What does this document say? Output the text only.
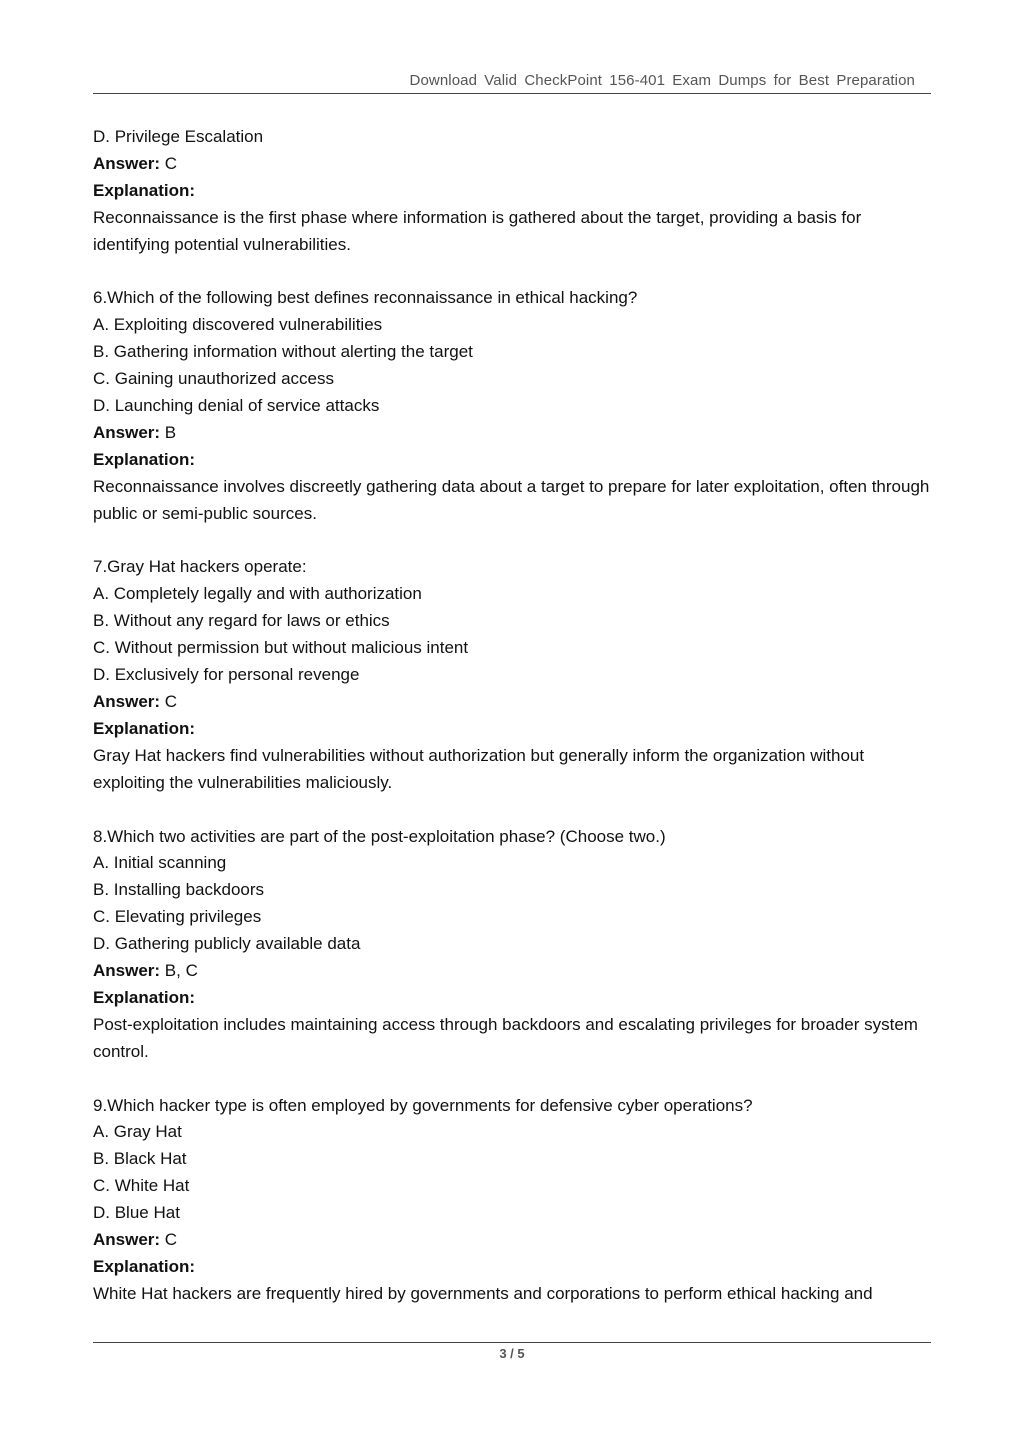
Download Valid CheckPoint 156-401 Exam Dumps for Best Preparation

D. Privilege Escalation

Answer: C

Explanation:

Reconnaissance is the first phase where information is gathered about the target, providing a basis for identifying potential vulnerabilities.

6.Which of the following best defines reconnaissance in ethical hacking?

A. Exploiting discovered vulnerabilities

B. Gathering information without alerting the target

C. Gaining unauthorized access

D. Launching denial of service attacks

Answer: B

Explanation:

Reconnaissance involves discreetly gathering data about a target to prepare for later exploitation, often through public or semi-public sources.

7.Gray Hat hackers operate:

A. Completely legally and with authorization

B. Without any regard for laws or ethics

C. Without permission but without malicious intent

D. Exclusively for personal revenge

Answer: C

Explanation:

Gray Hat hackers find vulnerabilities without authorization but generally inform the organization without exploiting the vulnerabilities maliciously.

8.Which two activities are part of the post-exploitation phase? (Choose two.)

A. Initial scanning

B. Installing backdoors

C. Elevating privileges

D. Gathering publicly available data

Answer: B, C

Explanation:

Post-exploitation includes maintaining access through backdoors and escalating privileges for broader system control.

9.Which hacker type is often employed by governments for defensive cyber operations?

A. Gray Hat

B. Black Hat

C. White Hat

D. Blue Hat

Answer: C

Explanation:

White Hat hackers are frequently hired by governments and corporations to perform ethical hacking and

3 / 5
